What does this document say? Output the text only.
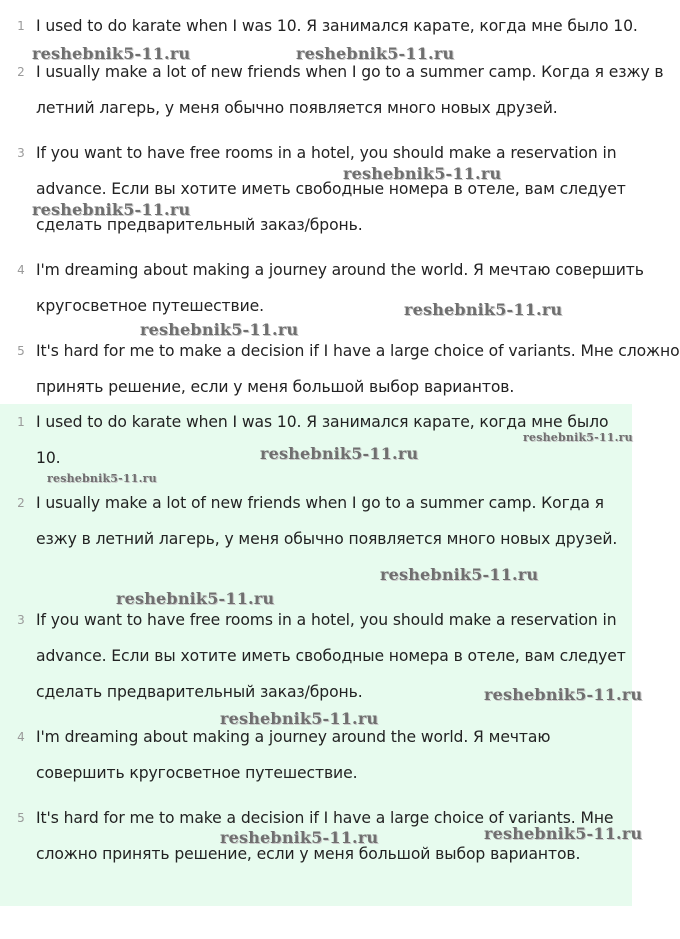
1 I used to do karate when I was 10. Я занимался карате, когда мне было 10.
2 I usually make a lot of new friends when I go to a summer camp. Когда я езжу в летний лагерь, у меня обычно появляется много новых друзей.
3 If you want to have free rooms in a hotel, you should make a reservation in advance. Если вы хотите иметь свободные номера в отеле, вам следует сделать предварительный заказ/бронь.
4 I'm dreaming about making a journey around the world. Я мечтаю совершить кругосветное путешествие.
5 It's hard for me to make a decision if I have a large choice of variants. Мне сложно принять решение, если у меня большой выбор вариантов.
1 I used to do karate when I was 10. Я занимался карате, когда мне было 10.
2 I usually make a lot of new friends when I go to a summer camp. Когда я езжу в летний лагерь, у меня обычно появляется много новых друзей.
3 If you want to have free rooms in a hotel, you should make a reservation in advance. Если вы хотите иметь свободные номера в отеле, вам следует сделать предварительный заказ/бронь.
4 I'm dreaming about making a journey around the world. Я мечтаю совершить кругосветное путешествие.
5 It's hard for me to make a decision if I have a large choice of variants. Мне сложно принять решение, если у меня большой выбор вариантов.
reshebnik5-11.ru	reshebnik5-11.ru
reshebnik5-11.ru
reshebnik5-11.ru
reshebnik5-11.ru
reshebnik5-11.ru
reshebnik5-11.ru
reshebnik5-11.ru
reshebnik5-11.ru
reshebnik5-11.ru
reshebnik5-11.ru
reshebnik5-11.ru
reshebnik5-11.ru
reshebnik5-11.ru
reshebnik5-11.ru
